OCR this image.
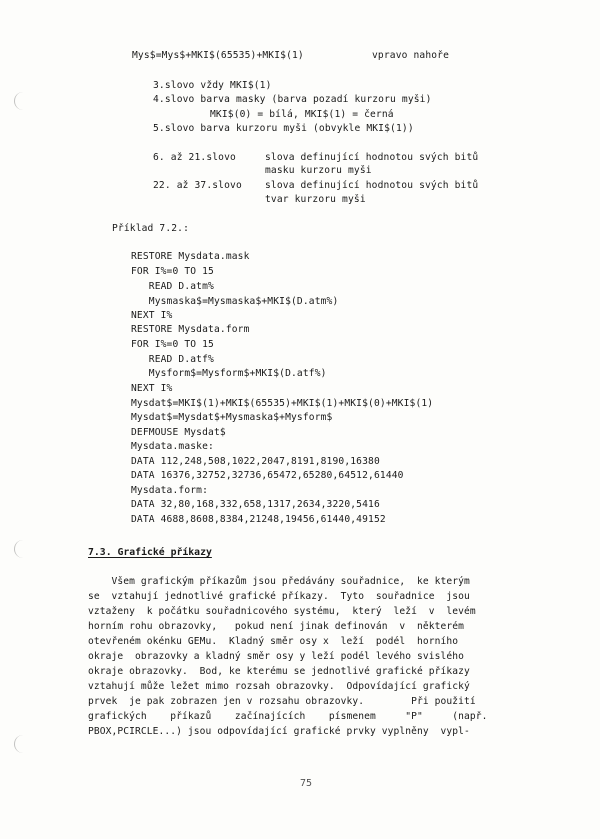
Mys$=Mys$+MKI$(65535)+MKI$(1)	vpravo nahoře
3.slovo vždy MKI$(1)
4.slovo barva masky (barva pozadí kurzoru myši)
MKI$(0) = bílá, MKI$(1) = černá
5.slovo barva kurzoru myši (obvykle MKI$(1))
6. až 21.slovo	slova definující hodnotou svých bitů
masku kurzoru myši
22. až 37.slovo slova definující hodnotou svých bitů
tvar kurzoru myši
Příklad 7.2.:
RESTORE Mysdata.mask
FOR I%=0 TO 15
READ D.atm%
Mysmaska$=Mysmaska$+MKI$(D.atm%)
NEXT I%
RESTORE Mysdata.form
FOR I%=0 TO 15
READ D.atf%
Mysform$=Mysform$+MKI$(D.atf%)
NEXT I%
Mysdat$=MKI$(1)+MKI$(65535)+MKI$(1)+MKI$(0)+MKI$(1)
Mysdat$=Mysdat$+Mysmaska$+Mysform$
DEFMOUSE Mysdat$
Mysdata.maske:
DATA 112,248,508,1022,2047,8191,8190,16380
DATA 16376,32752,32736,65472,65280,64512,61440
Mysdata.form:
DATA 32,80,168,332,658,1317,2634,3220,5416
DATA 4688,8608,8384,21248,19456,61440,49152
7.3. Grafické příkazy
Všem grafickým příkazům jsou předávány souřadnice,  ke kterým
se  vztahují jednotlivé grafické příkazy.  Tyto  souřadnice  jsou
vztaženy  k počátku souřadnicového systému,  který  leží  v  levém
horním rohu obrazovky,   pokud není jinak definován  v  některém
otevřeném okénku GEMu.  Kladný směr osy x  leží  podél  horního
okraje  obrazovky a kladný směr osy y leží podél levého svislého
okraje obrazovky.  Bod, ke kterému se jednotlivé grafické příkazy
vztahují může ležet mimo rozsah obrazovky.  Odpovídající grafický
prvek  je pak zobrazen jen v rozsahu obrazovky.        Při použití
grafických    příkazů    začínajících    písmenem     "P"     (např.
PBOX,PCIRCLE...) jsou odpovídající grafické prvky vyplněny  vypl-
75
